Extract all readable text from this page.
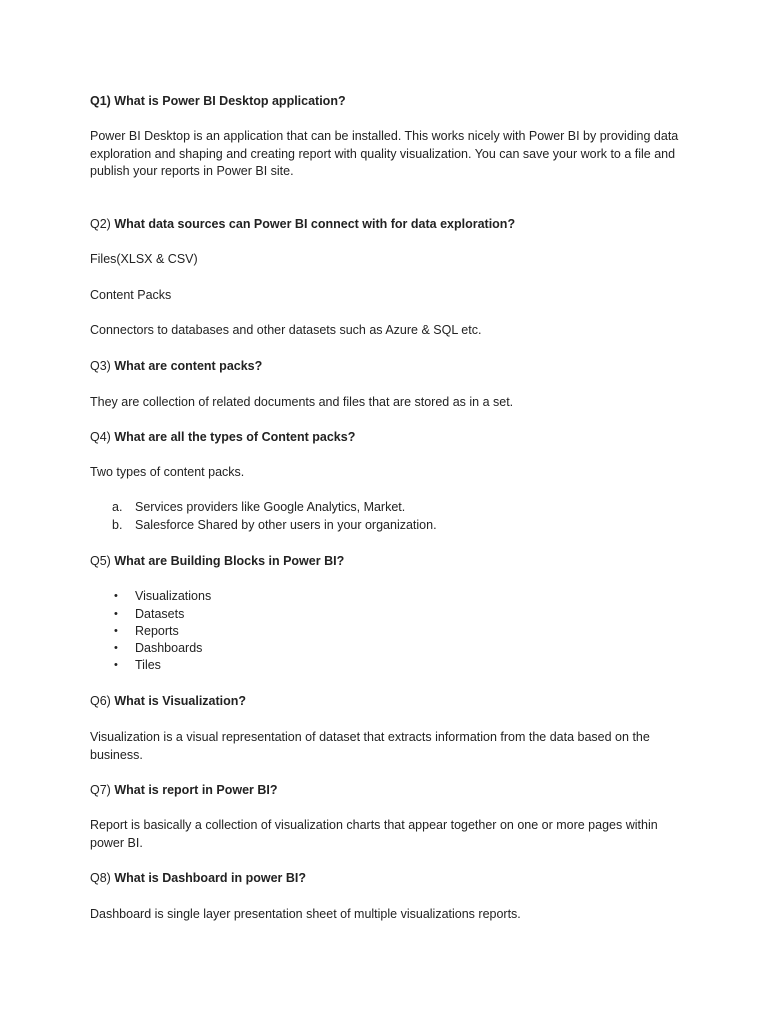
Q1) What is Power BI Desktop application?
Power BI Desktop is an application that can be installed. This works nicely with Power BI by providing data exploration and shaping and creating report with quality visualization. You can save your work to a file and publish your reports in Power BI site.
Q2) What data sources can Power BI connect with for data exploration?
Files(XLSX & CSV)
Content Packs
Connectors to databases and other datasets such as Azure & SQL etc.
Q3) What are content packs?
They are collection of related documents and files that are stored as in a set.
Q4) What are all the types of Content packs?
Two types of content packs.
a. Services providers like Google Analytics, Market.
b. Salesforce Shared by other users in your organization.
Q5) What are Building Blocks in Power BI?
• Visualizations
• Datasets
• Reports
• Dashboards
• Tiles
Q6) What is Visualization?
Visualization is a visual representation of dataset that extracts information from the data based on the business.
Q7) What is report in Power BI?
Report is basically a collection of visualization charts that appear together on one or more pages within power BI.
Q8) What is Dashboard in power BI?
Dashboard is single layer presentation sheet of multiple visualizations reports.
